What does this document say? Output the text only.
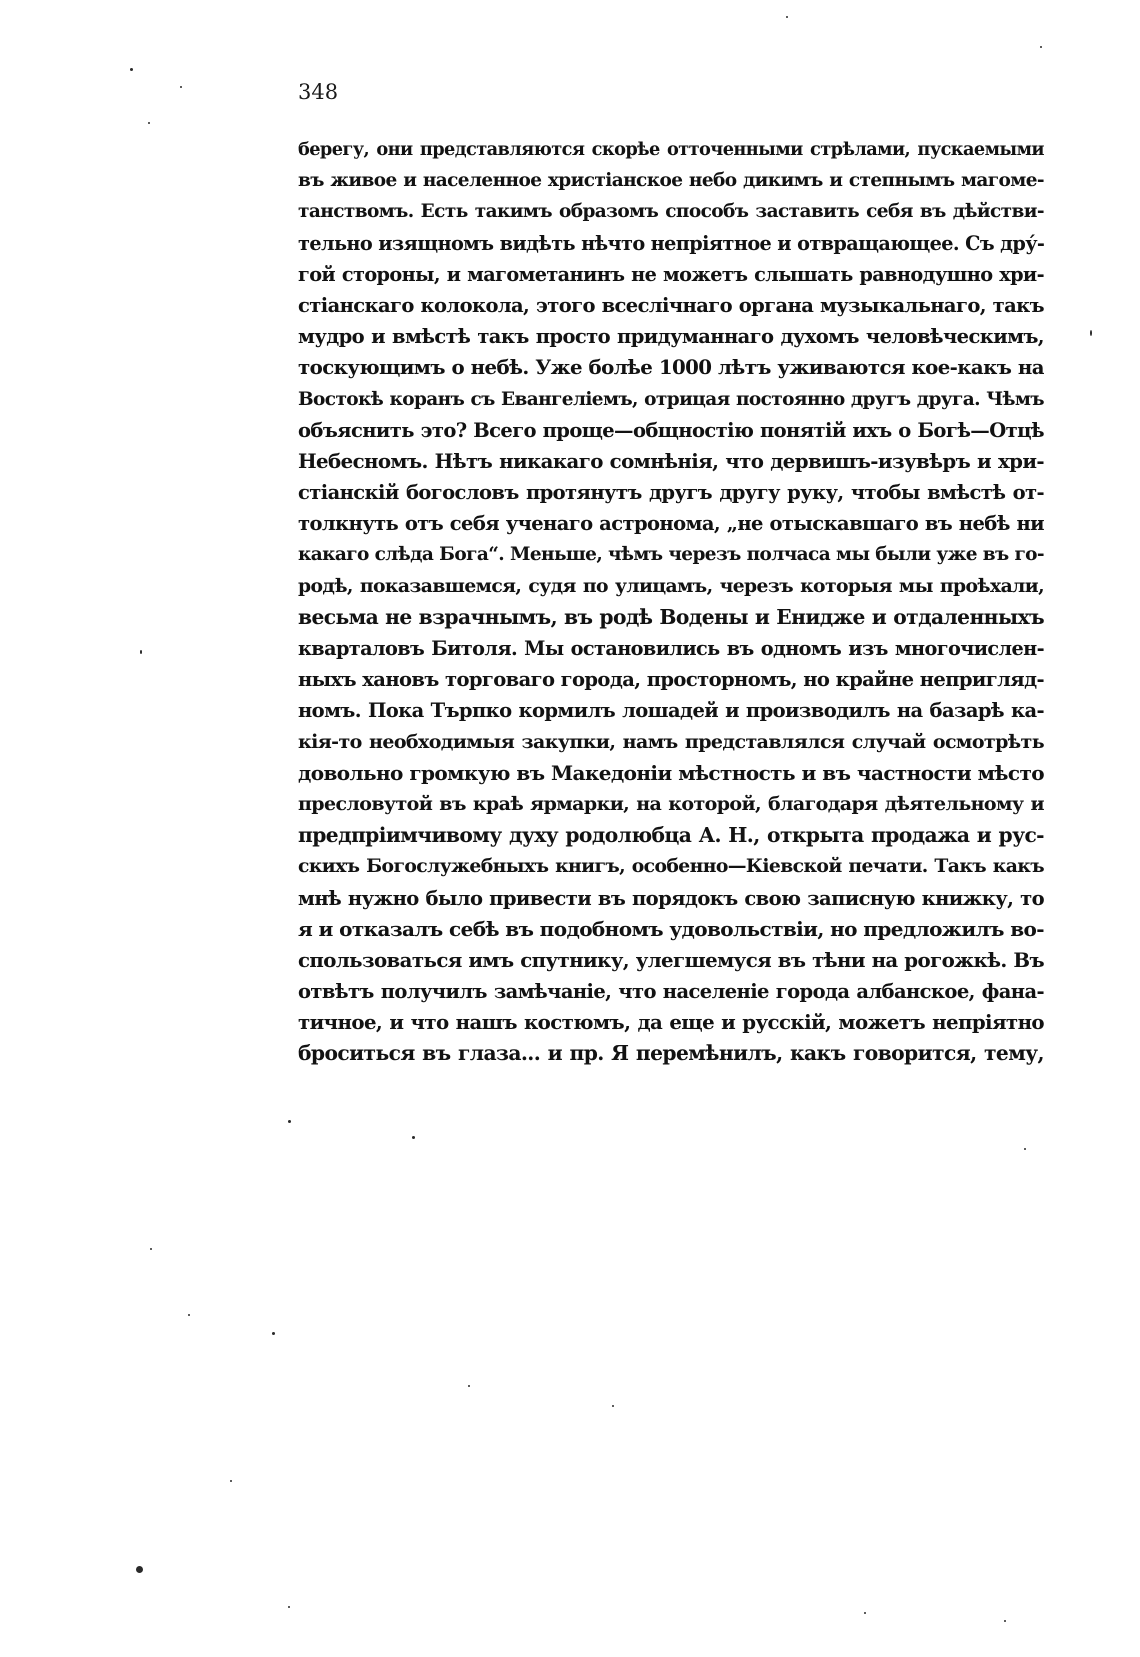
348
берегу, они представляются скорѣе отточенными стрѣлами, пускаемыми
въ живое и населенное христіанское небо дикимъ и степнымъ магоме-
танствомъ. Есть такимъ образомъ способъ заставить себя въ дѣйстви-
тельно изящномъ видѣть нѣчто непріятное и отвращающее. Съ дру́-
гой стороны, и магометанинъ не можетъ слышать равнодушно хри-
стіанскаго колокола, этого всеслічнаго органа музыкальнаго, такъ
мудро и вмѣстѣ такъ просто придуманнаго духомъ человѣческимъ,
тоскующимъ о небѣ. Уже болѣе 1000 лѣтъ уживаются кое-какъ на
Востокѣ коранъ съ Евангеліемъ, отрицая постоянно другъ друга. Чѣмъ
объяснить это? Всего проще—общностію понятій ихъ о Богѣ—Отцѣ
Небесномъ. Нѣтъ никакаго сомнѣнія, что дервишъ-изувѣръ и хри-
стіанскій богословъ протянутъ другъ другу руку, чтобы вмѣстѣ от-
толкнуть отъ себя ученаго астронома, „не отыскавшаго въ небѣ ни
какаго слѣда Бога“. Меньше, чѣмъ черезъ полчаса мы были уже въ го-
родѣ, показавшемся, судя по улицамъ, черезъ которыя мы проѣхали,
весьма не взрачнымъ, въ родѣ Водены и Енидже и отдаленныхъ
кварталовъ Битоля. Мы остановились въ одномъ изъ многочислен-
ныхъ хановъ торговаго города, просторномъ, но крайне непригляд-
номъ. Пока Търпко кормилъ лошадей и производилъ на базарѣ ка-
кія-то необходимыя закупки, намъ представлялся случай осмотрѣть
довольно громкую въ Македоніи мѣстность и въ частности мѣсто
пресловутой въ краѣ ярмарки, на которой, благодаря дѣятельному и
предпріимчивому духу родолюбца А. Н., открыта продажа и рус-
скихъ Богослужебныхъ книгъ, особенно—Кіевской печати. Такъ какъ
мнѣ нужно было привести въ порядокъ свою записную книжку, то
я и отказалъ себѣ въ подобномъ удовольствіи, но предложилъ во-
спользоваться имъ спутнику, улегшемуся въ тѣни на рогожкѣ. Въ
отвѣтъ получилъ замѣчаніе, что населеніе города албанское, фана-
тичное, и что нашъ костюмъ, да еще и русскій, можетъ непріятно
броситься въ глаза... и пр. Я перемѣнилъ, какъ говорится, тему,
